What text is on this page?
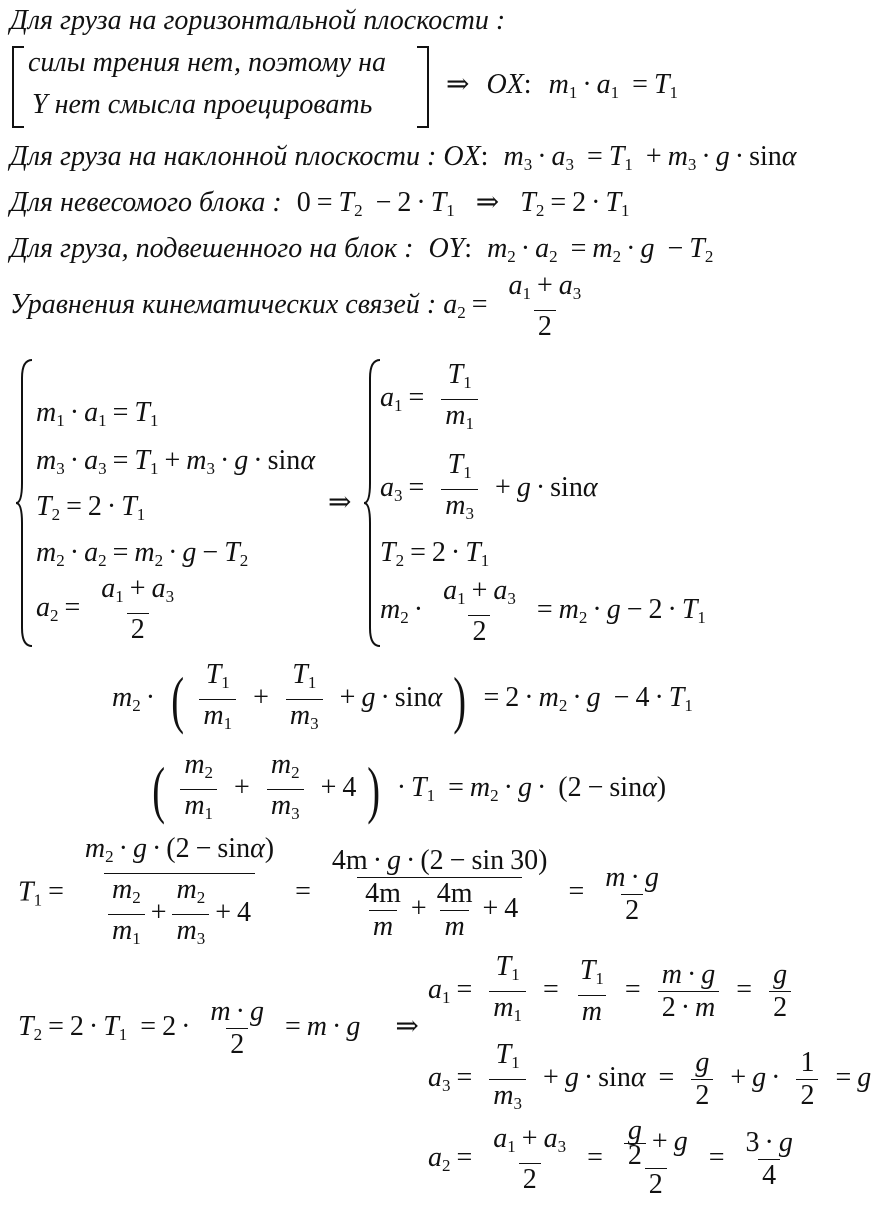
Для груза на горизонтальной плоскости :
силы трения нет, поэтому на
Y нет смысла проецировать
⇒ OX: $m_1 \cdot a_1 = T_1$
Для груза на наклонной плоскости : OX: $m_3 \cdot a_3 = T_1 + m_3 \cdot g \cdot \sin\alpha$
Для невесомого блока : $0 = T_2 - 2 \cdot T_1$ ⇒ $T_2 = 2 \cdot T_1$
Для груза, подвешенного на блок : OY: $m_2 \cdot a_2 = m_2 \cdot g - T_2$
Уравнения кинематических связей : $a_2 = \frac{a_1 + a_3}{2}$
$m_1 \cdot a_1 = T_1$
$m_3 \cdot a_3 = T_1 + m_3 \cdot g \cdot \sin\alpha$
$T_2 = 2 \cdot T_1$
$m_2 \cdot a_2 = m_2 \cdot g - T_2$
$a_2 = \frac{a_1 + a_3}{2}$
⇒
$a_1 = \frac{T_1}{m_1}$
$a_3 = \frac{T_1}{m_3} + g \cdot \sin\alpha$
$T_2 = 2 \cdot T_1$
$m_2 \cdot \frac{a_1 + a_3}{2} = m_2 \cdot g - 2 \cdot T_1$
$m_2$ · ( $\frac{T_1}{m_1} + \frac{T_1}{m_3} + g \cdot \sin\alpha$ ) = $2 \cdot m_2 \cdot g - 4 \cdot T_1$
( $\frac{m_2}{m_1} + \frac{m_2}{m_3} + 4$ ) · $T_1 = m_2 \cdot g \cdot (2 - \sin\alpha)$
$T_1 = \frac{m_2 \cdot g \cdot (2 - \sin\alpha)}{\frac{m_2}{m_1} + \frac{m_2}{m_3} + 4} = \frac{4m \cdot g \cdot (2 - \sin 30)}{\frac{4m}{m} + \frac{4m}{m} + 4} = \frac{m \cdot g}{2}$
$T_2 = 2 \cdot T_1 = 2 \cdot \frac{m \cdot g}{2} = m \cdot g$ ⇒
$a_1 = \frac{T_1}{m_1} = \frac{T_1}{m} = \frac{m \cdot g}{2 \cdot m} = \frac{g}{2}$
$a_3 = \frac{T_1}{m_3} + g \cdot \sin\alpha = \frac{g}{2} + g \cdot \frac{1}{2} = g$
$a_2 = \frac{a_1 + a_3}{2} = \frac{\frac{g}{2} + g}{2} = \frac{3 \cdot g}{4}$
